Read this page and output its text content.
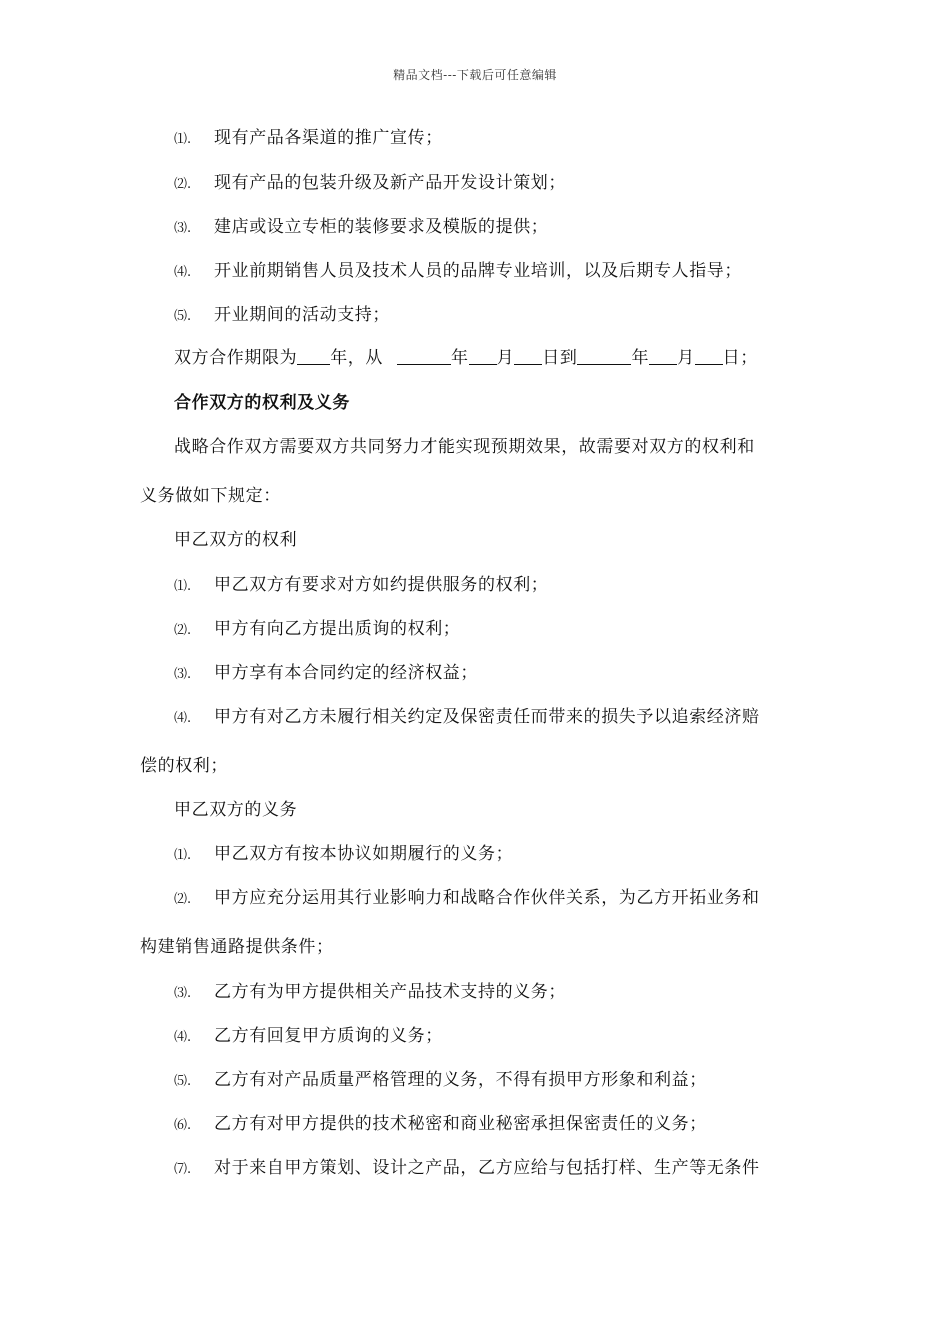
精品文档---下载后可任意编辑
⑴. 现有产品各渠道的推广宣传；
⑵. 现有产品的包装升级及新产品开发设计策划；
⑶. 建店或设立专柜的装修要求及模版的提供；
⑷. 开业前期销售人员及技术人员的品牌专业培训，以及后期专人指导；
⑸. 开业期间的活动支持；
双方合作期限为 年，从	年 月 日到	年 月 日；
合作双方的权利及义务
战略合作双方需要双方共同努力才能实现预期效果，故需要对双方的权利和
义务做如下规定：
甲乙双方的权利
⑴. 甲乙双方有要求对方如约提供服务的权利；
⑵. 甲方有向乙方提出质询的权利；
⑶. 甲方享有本合同约定的经济权益；
⑷. 甲方有对乙方未履行相关约定及保密责任而带来的损失予以追索经济赔
偿的权利；
甲乙双方的义务
⑴. 甲乙双方有按本协议如期履行的义务；
⑵. 甲方应充分运用其行业影响力和战略合作伙伴关系，为乙方开拓业务和
构建销售通路提供条件；
⑶. 乙方有为甲方提供相关产品技术支持的义务；
⑷. 乙方有回复甲方质询的义务；
⑸. 乙方有对产品质量严格管理的义务，不得有损甲方形象和利益；
⑹. 乙方有对甲方提供的技术秘密和商业秘密承担保密责任的义务；
⑺. 对于来自甲方策划、设计之产品，乙方应给与包括打样、生产等无条件
